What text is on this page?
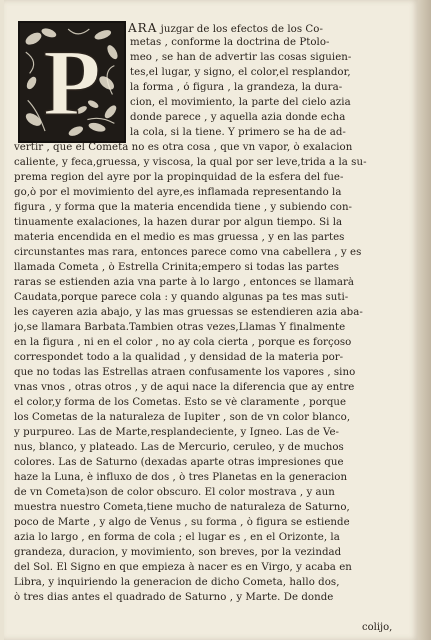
P
ARA juzgar de los efectos de los Co-
metas , conforme la doctrina de Ptolo-
meo , se han de advertir las cosas siguien-
tes,el lugar, y signo, el color,el resplandor,
la forma , ó figura , la grandeza, la dura-
cion, el movimiento, la parte del cielo azia
donde parece , y aquella azia donde echa
la cola, si la tiene. Y primero se ha de ad-
vertir , que el Cometa no es otra cosa , que vn vapor, ò exalacion
caliente, y feca,gruessa, y viscosa, la qual por ser leve,trida a la su-
prema region del ayre por la propinquidad de la esfera del fue-
go,ò por el movimiento del ayre,es inflamada representando la
figura , y forma que la materia encendida tiene , y subiendo con-
tinuamente exalaciones, la hazen durar por algun tiempo. Si la
materia encendida en el medio es mas gruessa , y en las partes
circunstantes mas rara, entonces parece como vna cabellera , y es
llamada Cometa , ò Estrella Crinita;empero si todas las partes
raras se estienden azia vna parte à lo largo , entonces se llamarà
Caudata,porque parece cola : y quando algunas pa tes mas suti-
les cayeren azia abajo, y las mas gruessas se estendieren azia aba-
jo,se llamara Barbata.Tambien otras vezes,Llamas Y finalmente
en la figura , ni en el color , no ay cola cierta , porque es forçoso
correspondet todo a la qualidad , y densidad de la materia por-
que no todas las Estrellas atraen confusamente los vapores , sino
vnas vnos , otras otros , y de aqui nace la diferencia que ay entre
el color,y forma de los Cometas. Esto se vè claramente , porque
los Cometas de la naturaleza de Iupiter , son de vn color blanco,
y purpureo. Las de Marte,resplandeciente, y Igneo. Las de Ve-
nus, blanco, y plateado. Las de Mercurio, ceruleo, y de muchos
colores. Las de Saturno (dexadas aparte otras impresiones que
haze la Luna, è influxo de dos , ò tres Planetas en la generacion
de vn Cometa)son de color obscuro. El color mostrava , y aun
muestra nuestro Cometa,tiene mucho de naturaleza de Saturno,
poco de Marte , y algo de Venus , su forma , ò figura se estiende
azia lo largo , en forma de cola ; el lugar es , en el Orizonte, la
grandeza, duracion, y movimiento, son breves, por la vezindad
del Sol. El Signo en que empieza à nacer es en Virgo, y acaba en
Libra, y inquiriendo la generacion de dicho Cometa, hallo dos,
ò tres dias antes el quadrado de Saturno , y Marte. De donde
colijo,
